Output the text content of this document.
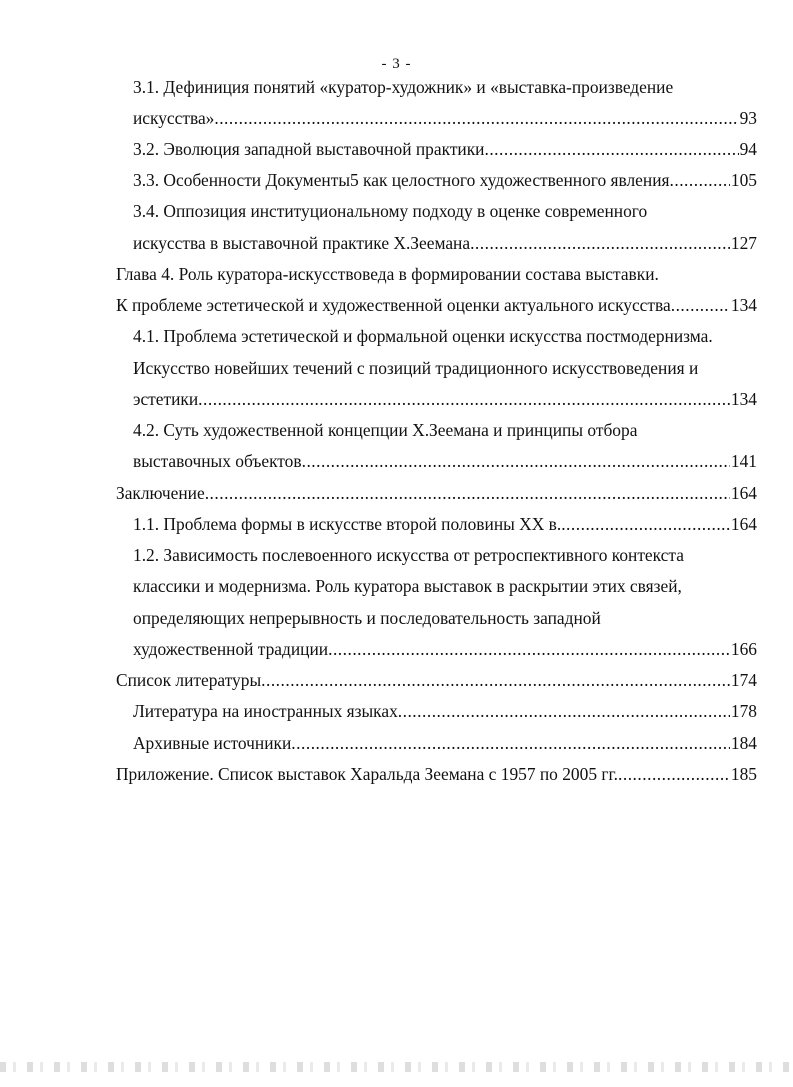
- 3 -
3.1. Дефиниция понятий «куратор-художник» и «выставка-произведение
искусства» .....	93
3.2. Эволюция западной выставочной практики .....	94
3.3. Особенности Документы5 как целостного художественного явления .....	105
3.4. Оппозиция институциональному подходу в оценке современного
искусства в выставочной практике Х.Зеемана .....	127
Глава 4. Роль куратора-искусствоведа в формировании состава выставки.
К проблеме эстетической и художественной оценки актуального искусства .....	134
4.1. Проблема эстетической и формальной оценки искусства постмодернизма.
Искусство новейших течений с позиций традиционного искусствоведения и
эстетики .....	134
4.2. Суть художественной концепции Х.Зеемана и принципы отбора
выставочных объектов .....	141
Заключение .....	164
1.1. Проблема формы в искусстве второй половины XX в. .....	164
1.2. Зависимость послевоенного искусства от ретроспективного контекста
классики и модернизма. Роль куратора выставок в раскрытии этих связей,
определяющих непрерывность и последовательность западной
художественной традиции .....	166
Список литературы .....	174
Литература на иностранных языках .....	178
Архивные источники .....	184
Приложение. Список выставок Харальда Зеемана с 1957 по 2005 гг. .....	185
